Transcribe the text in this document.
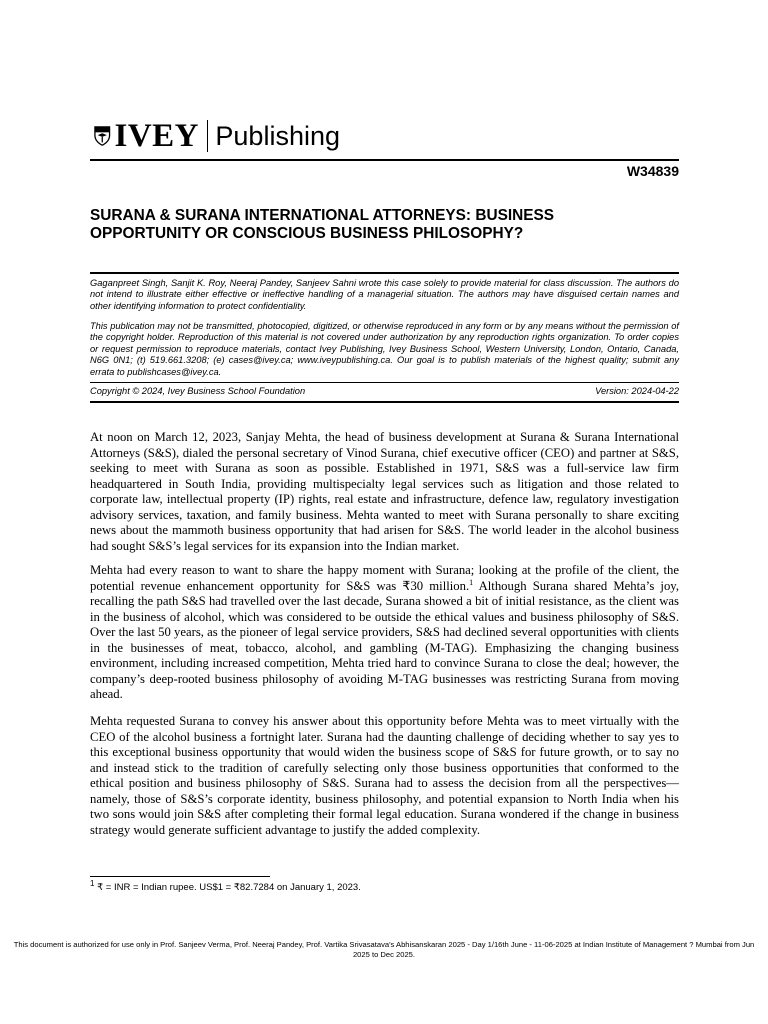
IVEY Publishing
W34839
SURANA & SURANA INTERNATIONAL ATTORNEYS: BUSINESS
OPPORTUNITY OR CONSCIOUS BUSINESS PHILOSOPHY?
Gaganpreet Singh, Sanjit K. Roy, Neeraj Pandey, Sanjeev Sahni wrote this case solely to provide material for class discussion. The authors do not intend to illustrate either effective or ineffective handling of a managerial situation. The authors may have disguised certain names and other identifying information to protect confidentiality.
This publication may not be transmitted, photocopied, digitized, or otherwise reproduced in any form or by any means without the permission of the copyright holder. Reproduction of this material is not covered under authorization by any reproduction rights organization. To order copies or request permission to reproduce materials, contact Ivey Publishing, Ivey Business School, Western University, London, Ontario, Canada, N6G 0N1; (t) 519.661.3208; (e) cases@ivey.ca; www.iveypublishing.ca. Our goal is to publish materials of the highest quality; submit any errata to publishcases@ivey.ca.
Copyright © 2024, Ivey Business School Foundation	Version: 2024-04-22
At noon on March 12, 2023, Sanjay Mehta, the head of business development at Surana & Surana International Attorneys (S&S), dialed the personal secretary of Vinod Surana, chief executive officer (CEO) and partner at S&S, seeking to meet with Surana as soon as possible. Established in 1971, S&S was a full-service law firm headquartered in South India, providing multispecialty legal services such as litigation and those related to corporate law, intellectual property (IP) rights, real estate and infrastructure, defence law, regulatory investigation advisory services, taxation, and family business. Mehta wanted to meet with Surana personally to share exciting news about the mammoth business opportunity that had arisen for S&S. The world leader in the alcohol business had sought S&S’s legal services for its expansion into the Indian market.
Mehta had every reason to want to share the happy moment with Surana; looking at the profile of the client, the potential revenue enhancement opportunity for S&S was ₹30 million.$^1$ Although Surana shared Mehta’s joy, recalling the path S&S had travelled over the last decade, Surana showed a bit of initial resistance, as the client was in the business of alcohol, which was considered to be outside the ethical values and business philosophy of S&S. Over the last 50 years, as the pioneer of legal service providers, S&S had declined several opportunities with clients in the businesses of meat, tobacco, alcohol, and gambling (M-TAG). Emphasizing the changing business environment, including increased competition, Mehta tried hard to convince Surana to close the deal; however, the company’s deep-rooted business philosophy of avoiding M-TAG businesses was restricting Surana from moving ahead.
Mehta requested Surana to convey his answer about this opportunity before Mehta was to meet virtually with the CEO of the alcohol business a fortnight later. Surana had the daunting challenge of deciding whether to say yes to this exceptional business opportunity that would widen the business scope of S&S for future growth, or to say no and instead stick to the tradition of carefully selecting only those business opportunities that conformed to the ethical position and business philosophy of S&S. Surana had to assess the decision from all the perspectives—namely, those of S&S’s corporate identity, business philosophy, and potential expansion to North India when his two sons would join S&S after completing their formal legal education. Surana wondered if the change in business strategy would generate sufficient advantage to justify the added complexity.
$^1$ ₹ = INR = Indian rupee. US$1 = ₹82.7284 on January 1, 2023.
This document is authorized for use only in Prof. Sanjeev Verma, Prof. Neeraj Pandey, Prof. Vartika Srivasatava's Abhisanskaran 2025 - Day 1/16th June - 11-06-2025 at Indian Institute of Management ? Mumbai from Jun 2025 to Dec 2025.
